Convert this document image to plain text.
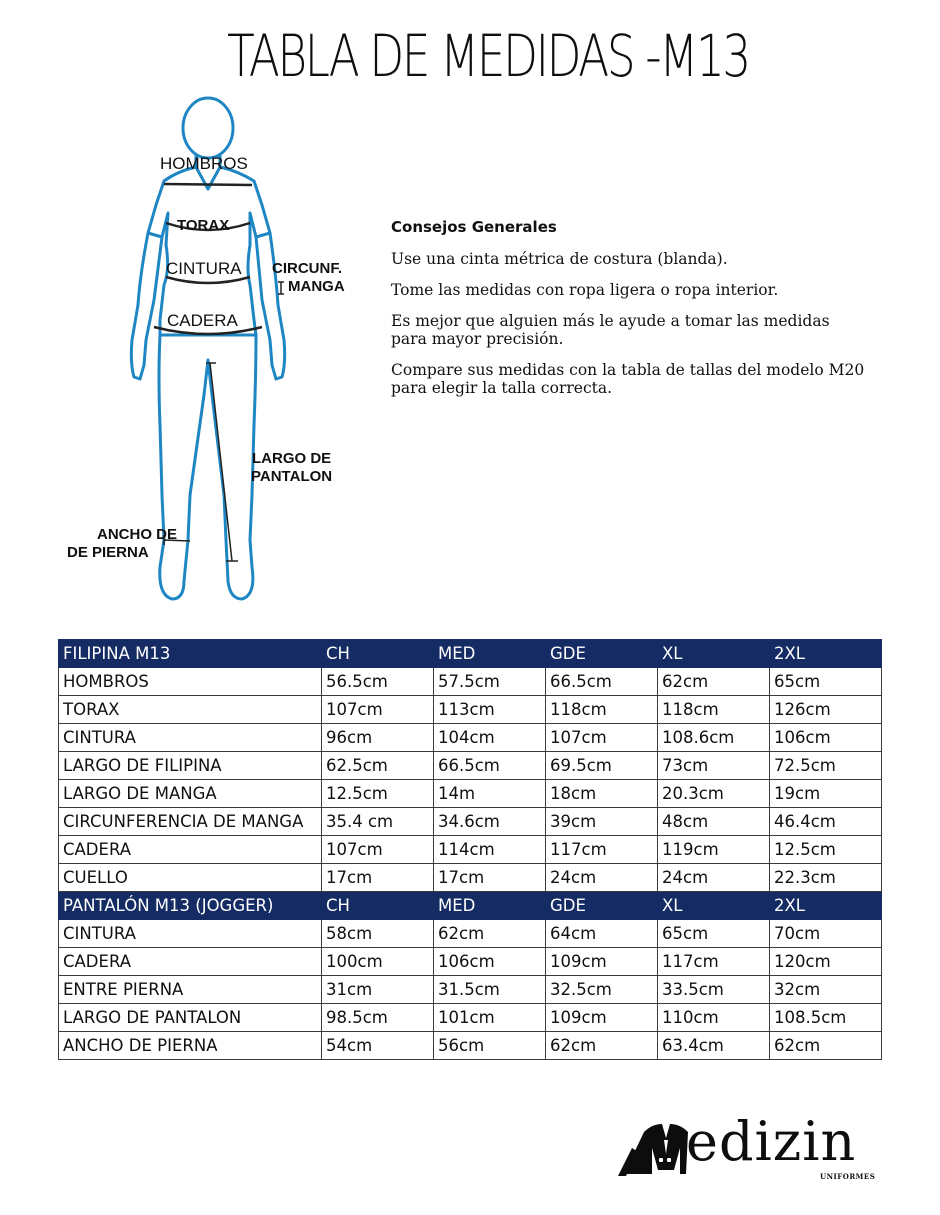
TABLA DE MEDIDAS -M13
HOMBROS
TORAX
CINTURA CIRCUNF.
MANGA
CADERA
LARGO DE
PANTALON
ANCHO DE
DE PIERNA
Consejos Generales

Use una cinta métrica de costura (blanda).

Tome las medidas con ropa ligera o ropa interior.

Es mejor que alguien más le ayude a tomar las medidas
para mayor precisión.

Compare sus medidas con la tabla de tallas del modelo M20
para elegir la talla correcta.

FILIPINA M13	CH	MED	GDE	XL	2XL
HOMBROS	56.5cm	57.5cm	66.5cm	62cm	65cm
TORAX	107cm	113cm	118cm	118cm	126cm
CINTURA	96cm	104cm	107cm	108.6cm	106cm
LARGO DE FILIPINA	62.5cm	66.5cm	69.5cm	73cm	72.5cm
LARGO DE MANGA	12.5cm	14m	18cm	20.3cm	19cm
CIRCUNFERENCIA DE MANGA	35.4 cm	34.6cm	39cm	48cm	46.4cm
CADERA	107cm	114cm	117cm	119cm	12.5cm
CUELLO	17cm	17cm	24cm	24cm	22.3cm
PANTALÓN M13 (JOGGER)	CH	MED	GDE	XL	2XL
CINTURA	58cm	62cm	64cm	65cm	70cm
CADERA	100cm	106cm	109cm	117cm	120cm
ENTRE PIERNA	31cm	31.5cm	32.5cm	33.5cm	32cm
LARGO DE PANTALON	98.5cm	101cm	109cm	110cm	108.5cm
ANCHO DE PIERNA	54cm	56cm	62cm	63.4cm	62cm
edizin
UNIFORMES
